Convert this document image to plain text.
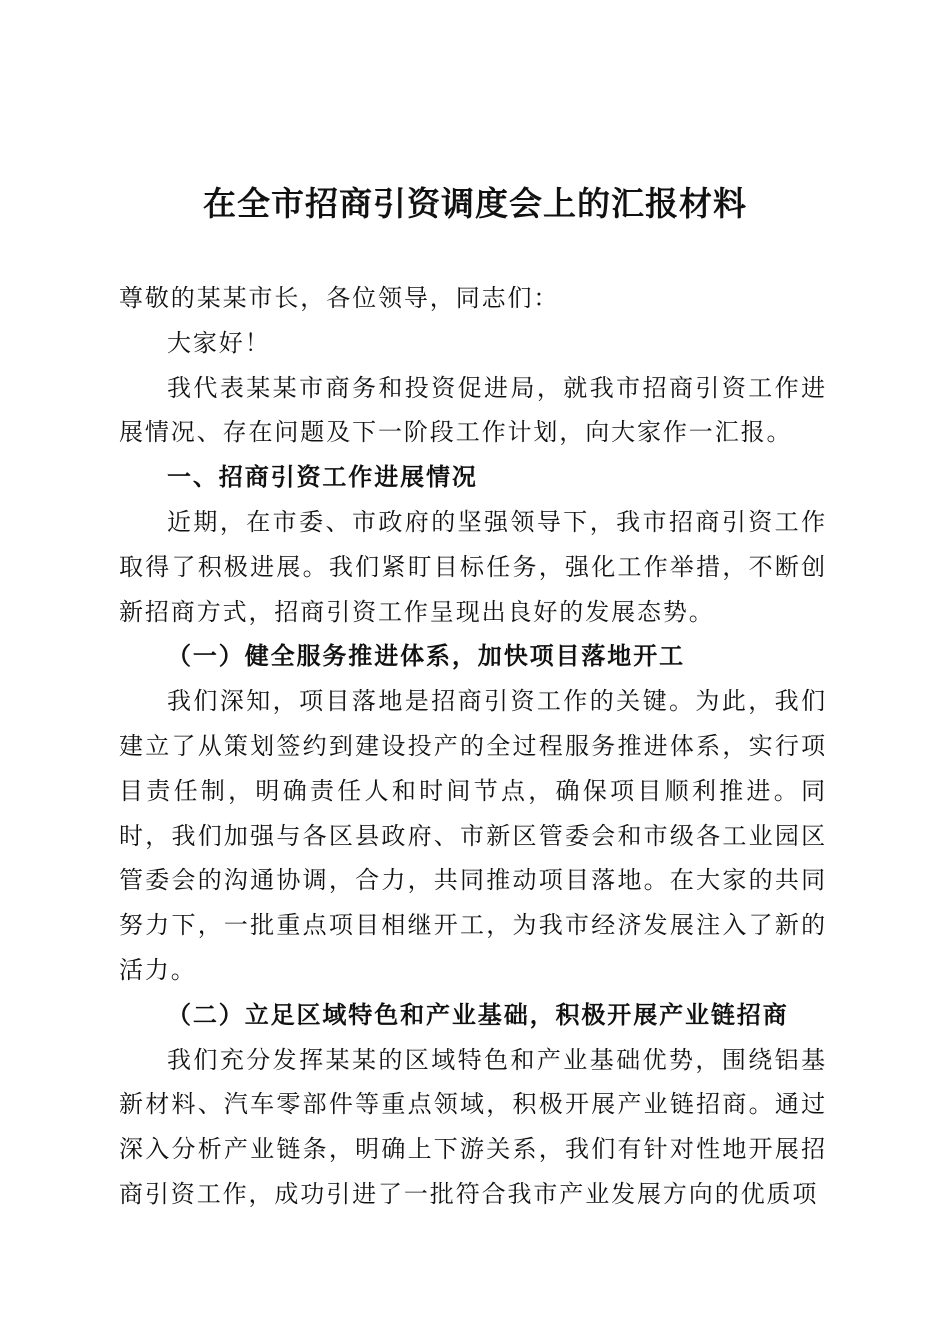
在全市招商引资调度会上的汇报材料

尊敬的某某市长，各位领导，同志们：

大家好！

我代表某某市商务和投资促进局，就我市招商引资工作进展情况、存在问题及下一阶段工作计划，向大家作一汇报。

一、招商引资工作进展情况

近期，在市委、市政府的坚强领导下，我市招商引资工作取得了积极进展。我们紧盯目标任务，强化工作举措，不断创新招商方式，招商引资工作呈现出良好的发展态势。

（一）健全服务推进体系，加快项目落地开工

我们深知，项目落地是招商引资工作的关键。为此，我们建立了从策划签约到建设投产的全过程服务推进体系，实行项目责任制，明确责任人和时间节点，确保项目顺利推进。同时，我们加强与各区县政府、市新区管委会和市级各工业园区管委会的沟通协调，合力，共同推动项目落地。在大家的共同努力下，一批重点项目相继开工，为我市经济发展注入了新的活力。

（二）立足区域特色和产业基础，积极开展产业链招商

我们充分发挥某某的区域特色和产业基础优势，围绕铝基新材料、汽车零部件等重点领域，积极开展产业链招商。通过深入分析产业链条，明确上下游关系，我们有针对性地开展招商引资工作，成功引进了一批符合我市产业发展方向的优质项
